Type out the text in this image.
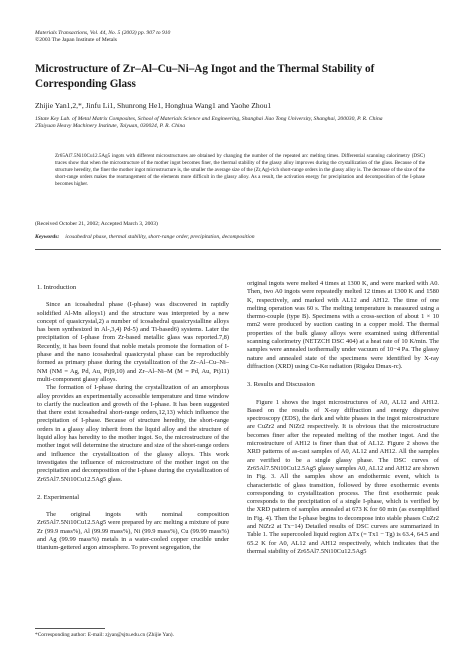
Materials Transactions, Vol. 44, No. 5 (2003) pp. 907 to 910
©2003 The Japan Institute of Metals
Microstructure of Zr–Al–Cu–Ni–Ag Ingot and the Thermal Stability of Corresponding Glass
Zhijie Yan1,2,*, Jinfu Li1, Shunrong He1, Honghua Wang1 and Yaohe Zhou1
1State Key Lab. of Metal Matrix Composites, School of Materials Science and Engineering, Shanghai Jiao Tong University, Shanghai, 200030, P. R. China
2Taiyuan Heavy Machinery Institute, Taiyuan, 030024, P. R. China
Zr65Al7.5Ni10Cu12.5Ag5 ingots with different microstructures are obtained by changing the number of the repeated arc melting times. Differential scanning calorimetry (DSC) traces show that when the microstructure of the mother ingot becomes finer, the thermal stability of the glassy alloy improves during the crystallization of the glass. Because of the structure heredity, the finer the mother ingot microstructure is, the smaller the average size of the (Zr,Ag)-rich short-range orders in the glassy alloy is. The decrease of the size of the short-range orders makes the rearrangement of the elements more difficult in the glassy alloy. As a result, the activation energy for precipitation and decomposition of the I-phase becomes higher.
(Received October 21, 2002; Accepted March 3, 2003)
Keywords: icosahedral phase, thermal stability, short-range order, precipitation, decomposition
1. Introduction

Since an icosahedral phase (I-phase) was discovered in rapidly solidified Al-Mn alloys1) and the structure was interpreted by a new concept of quasicrystal,2) a number of icosahedral quasicrystalline alloys has been synthesized in Al-,3,4) Pd-5) and Ti-based6) systems. Later the precipitation of I-phase from Zr-based metallic glass was reported.7,8) Recently, it has been found that noble metals promote the formation of I-phase and the nano icosahedral quasicrystal phase can be reproducibly formed as primary phase during the crystallization of the Zr–Al–Cu–Ni–NM (NM = Ag, Pd, Au, Pt)9,10) and Zr–Al–Ni–M (M = Pd, Au, Pt)11) multi-component glassy alloys.

The formation of I-phase during the crystallization of an amorphous alloy provides an experimentally accessible temperature and time window to clarify the nucleation and growth of the I-phase. It has been suggested that there exist icosahedral short-range orders,12,13) which influence the precipitation of I-phase. Because of structure heredity, the short-range orders in a glassy alloy inherit from the liquid alloy and the structure of liquid alloy has heredity to the mother ingot. So, the microstructure of the mother ingot will determine the structure and size of the short-range orders and influence the crystallization of the glassy alloys. This work investigates the influence of microstructure of the mother ingot on the precipitation and decomposition of the I-phase during the crystallization of Zr65Al7.5Ni10Cu12.5Ag5 glass.

2. Experimental

The original ingots with nominal composition Zr65Al7.5Ni10Cu12.5Ag5 were prepared by arc melting a mixture of pure Zr (99.9 mass%), Al (99.99 mass%), Ni (99.9 mass%), Cu (99.99 mass%) and Ag (99.99 mass%) metals in a water-cooled copper crucible under titanium-gettered argon atmosphere. To prevent segregation, the

original ingots were melted 4 times at 1300 K, and were marked with A0. Then, two A0 ingots were repeatedly melted 12 times at 1300 K and 1580 K, respectively, and marked with AL12 and AH12. The time of one melting operation was 60 s. The melting temperature is measured using a thermo-couple (type B). Specimens with a cross-section of about 1 × 10 mm2 were produced by suction casting in a copper mold. The thermal properties of the bulk glassy alloys were examined using differential scanning calorimetry (NETZCH DSC 404) at a heat rate of 10 K/min. The samples were annealed isothermally under vacuum of 10−4 Pa. The glassy nature and annealed state of the specimens were identified by X-ray diffraction (XRD) using Cu-Kα radiation (Rigaku Dmax-rc).

3. Results and Discussion

Figure 1 shows the ingot microstructures of A0, AL12 and AH12. Based on the results of X-ray diffraction and energy dispersive spectroscopy (EDS), the dark and white phases in the ingot microstructure are CuZr2 and NiZr2 respectively. It is obvious that the microstructure becomes finer after the repeated melting of the mother ingot. And the microstructure of AH12 is finer than that of AL12. Figure 2 shows the XRD patterns of as-cast samples of A0, AL12 and AH12. All the samples are verified to be a single glassy phase. The DSC curves of Zr65Al7.5Ni10Cu12.5Ag5 glassy samples A0, AL12 and AH12 are shown in Fig. 3. All the samples show an endothermic event, which is characteristic of glass transition, followed by three exothermic events corresponding to crystallization process. The first exothermic peak corresponds to the precipitation of a single I-phase, which is verified by the XRD pattern of samples annealed at 673 K for 60 min (as exemplified in Fig. 4). Then the I-phase begins to decompose into stable phases CuZr2 and NiZr2 at Tx−14) Detailed results of DSC curves are summarized in Table 1. The supercooled liquid region ΔTx (= Tx1 − Tg) is 63.4, 64.5 and 65.2 K for A0, AL12 and AH12 respectively, which indicates that the thermal stability of Zr65Al7.5Ni10Cu12.5Ag5

*Corresponding author: E-mail: zjyan@sjtu.edu.cn (Zhijie Yan).
